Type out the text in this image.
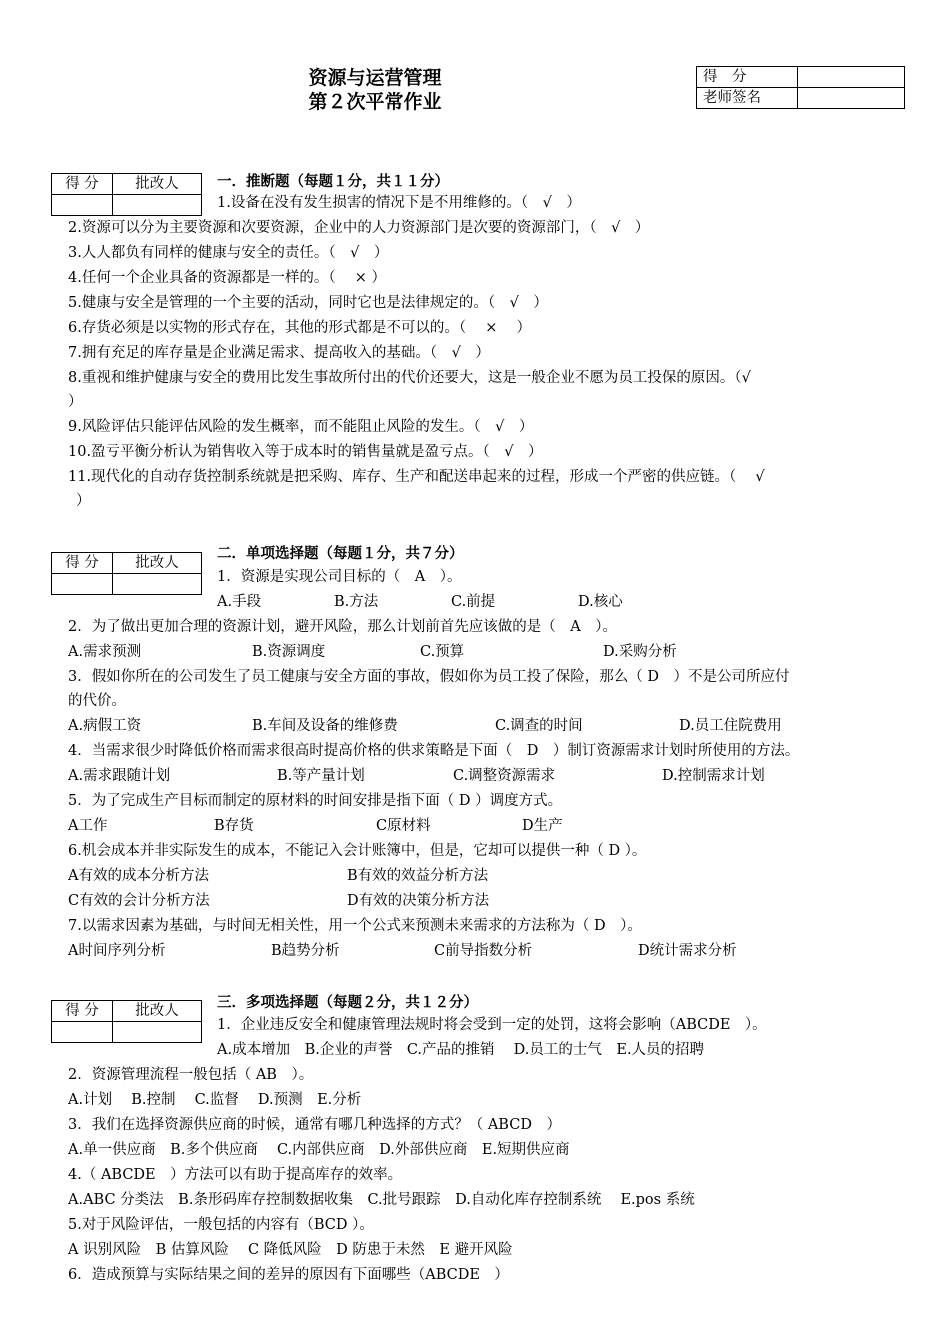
资源与运营管理
第２次平常作业
得　分	
老师签名	
得 分	批改人
		一．推断题（每题１分，共１１分）
1.设备在没有发生损害的情况下是不用维修的。（　√　）
2.资源可以分为主要资源和次要资源，企业中的人力资源部门是次要的资源部门，（　√　）
3.人人都负有同样的健康与安全的责任。（　√　）
4.任何一个企业具备的资源都是一样的。（　 × ）
5.健康与安全是管理的一个主要的活动，同时它也是法律规定的。（　√　）
6.存货必须是以实物的形式存在，其他的形式都是不可以的。（　 ×　 ）
7.拥有充足的库存量是企业满足需求、提高收入的基础。（　√　）
8.重视和维护健康与安全的费用比发生事故所付出的代价还要大，这是一般企业不愿为员工投保的原因。（√
）
9.风险评估只能评估风险的发生概率，而不能阻止风险的发生。（　√　）
10.盈亏平衡分析认为销售收入等于成本时的销售量就是盈亏点。（　√　）
11.现代化的自动存货控制系统就是把采购、库存、生产和配送串起来的过程，形成一个严密的供应链。（　 √
）
得 分	批改人

二．单项选择题（每题１分，共７分）
1．资源是实现公司目标的（　A　）。
A.手段	B.方法	C.前提	D.核心
2．为了做出更加合理的资源计划，避开风险，那么计划前首先应该做的是（　A　）。
A.需求预测	B.资源调度	C.预算	D.采购分析
3．假如你所在的公司发生了员工健康与安全方面的事故，假如你为员工投了保险，那么（ D　）不是公司所应付
的代价。
A.病假工资	B.车间及设备的维修费	C.调查的时间	D.员工住院费用
4．当需求很少时降低价格而需求很高时提高价格的供求策略是下面（　D　）制订资源需求计划时所使用的方法。
A.需求跟随计划	B.等产量计划	C.调整资源需求	D.控制需求计划
5．为了完成生产目标而制定的原材料的时间安排是指下面（ D ）调度方式。
A工作	B存货	C原材料	D生产
6.机会成本并非实际发生的成本，不能记入会计账簿中，但是，它却可以提供一种（ D ）。
A有效的成本分析方法	B有效的效益分析方法
C有效的会计分析方法	D有效的决策分析方法
7.以需求因素为基础，与时间无相关性，用一个公式来预测未来需求的方法称为（ D　）。
A时间序列分析	B趋势分析	C前导指数分析	D统计需求分析
得 分	批改人
		三．多项选择题（每题２分，共１２分）
1．企业违反安全和健康管理法规时将会受到一定的处罚，这将会影响（ABCDE　）。
A.成本增加　B.企业的声誉　C.产品的推销　 D.员工的士气　E.人员的招聘
2．资源管理流程一般包括（ AB　）。
A.计划　 B.控制　 C.监督　 D.预测　E.分析
3．我们在选择资源供应商的时候，通常有哪几种选择的方式？（ ABCD　）
A.单一供应商　B.多个供应商　 C.内部供应商　D.外部供应商　E.短期供应商
4.（ ABCDE　）方法可以有助于提高库存的效率。
A.ABC 分类法　B.条形码库存控制数据收集　C.批号跟踪　D.自动化库存控制系统　 E.pos 系统
5.对于风险评估，一般包括的内容有（BCD ）。
A 识别风险　B 估算风险　 C 降低风险　D 防患于未然　E 避开风险
6．造成预算与实际结果之间的差异的原因有下面哪些（ABCDE　）
